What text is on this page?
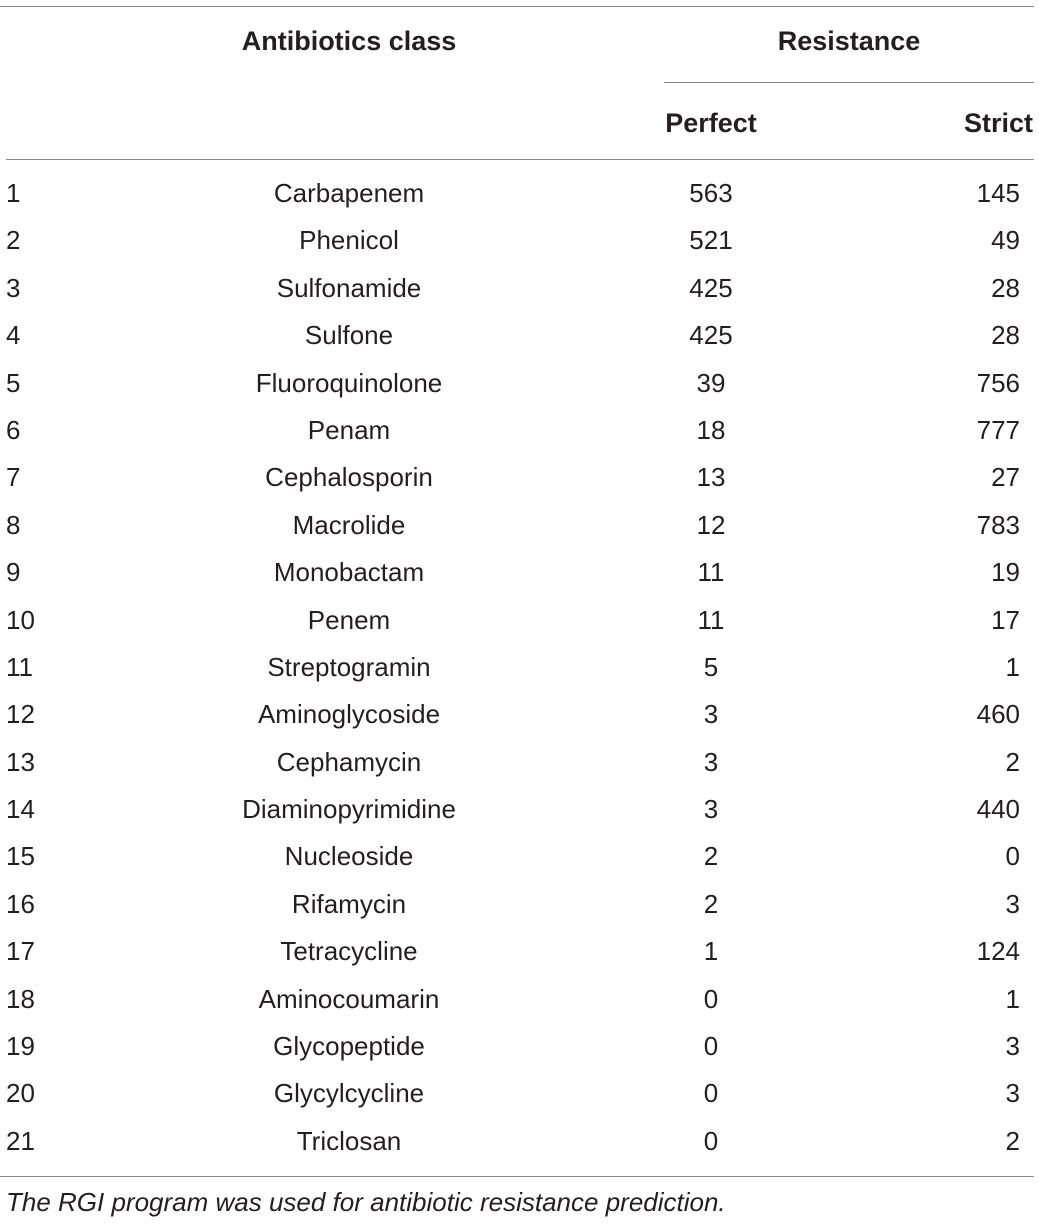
Antibiotics class	Resistance
Perfect	Strict
1	Carbapenem	563	145
2	Phenicol	521	49
3	Sulfonamide	425	28
4	Sulfone	425	28
5	Fluoroquinolone	39	756
6	Penam	18	777
7	Cephalosporin	13	27
8	Macrolide	12	783
9	Monobactam	11	19
10	Penem	11	17
11	Streptogramin	5	1
12	Aminoglycoside	3	460
13	Cephamycin	3	2
14	Diaminopyrimidine	3	440
15	Nucleoside	2	0
16	Rifamycin	2	3
17	Tetracycline	1	124
18	Aminocoumarin	0	1
19	Glycopeptide	0	3
20	Glycylcycline	0	3
21	Triclosan	0	2
The RGI program was used for antibiotic resistance prediction.
